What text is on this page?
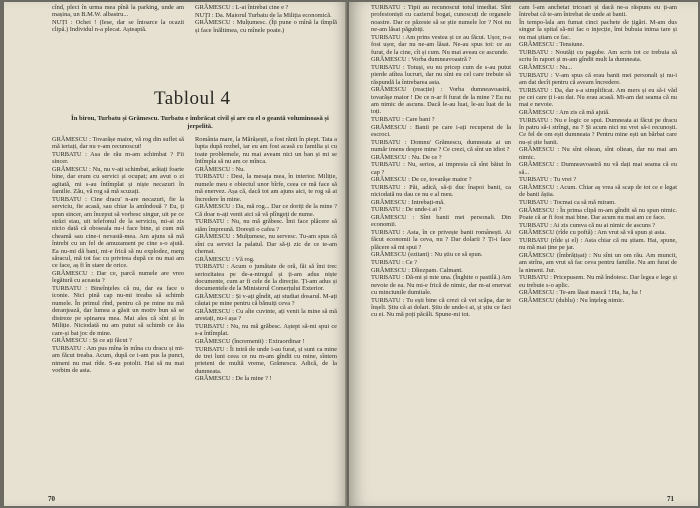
cînd, pleci în urma mea pînă la parking, unde am mașina, un B.M.W. albastru...

NUȚI : Ochei ! (Iese, dar se întoarce la ocazii clipă.) Individul n-a plecat. Așteaptă.

GRĂMESCU : L-ai întrebat cine e ?

NUȚI : Da. Maiorul Turbatu de la Miliția economică.

GRĂMESCU : Mulțumesc. (Îți pune o mînă la tîmplă și face înăltimea, cu mînele poate.)

Tabloul 4
În birou, Turbatu și Grămescu. Turbatu e îmbrăcat civil și are cu el o geantă voluminoasă și jerpelită.

GRĂMESCU : Tovarășe maior, vă rog din suflet să mă iertați, dar nu v-am recunoscut!

TURBATU : Asa de rău m-am schimbat ? Fii sincer.

GRĂMESCU : Nu, nu v-ați schimbat, arătați foarte bine, dar eram cu servici și ocupat; am avut o zi agitată, mi s-au întîmplat și niște necazuri în familie. Zău, vă rog să mă scuzați.

TURBATU : Cine dracu' n-are necazuri, fie la serviciu, fie acasă, sau chiar la amîndouă ? Eu, ți spun sincer, am început să vorbesc singur, uit pe ce străzi stau, uit telefonul de la serviciu, mi-ai zis nicio dată că oboseala nu-i face bine, și cum mă cheamă sau cine-i nevastă-mea. Am ajuns să mă întrebi cu un fel de amuzament pe cine s-o ajută. Ea nu-mi dă bani, mi-e frică să nu explodez, merg săracul, mă tot fac cu privirea după ce nu mai am ce face, aș fi în stare de orice.

GRĂMESCU : Dar ce, parcă numele are vreo legătură cu aceasta ?

TURBATU : Bineînțeles că nu, dar ea face o iconie. Nici pină cap nu-mi treaba să schimb numele. În primul rînd, pentru că pe mine nu mă deranjează, dar lumea a găsit un motiv bun să se distreze pe spinarea mea. Mai ales că sînt și în Miliție. Niciodată nu am putut să schimb ce ăia care-și bat joc de mine.

GRĂMESCU : Și ce ați făcut ?

TURBATU : Am pus mîna în mîna cu dracu și mi-am făcut treaba. Acum, după ce i-am pus la punct, nimeni nu mai rîde. S-au potolit. Hai să nu mai vorbim de asta.

România mare, la Mărășești, a fost rănit în piept. Tata a lupta după rezbel, iar eu am fost acasă cu familia și cu toate problemele, nu mai aveam nici un ban și mi se întîmpla să nu am ce mînca.

GRĂMESCU : Nu.

TURBATU : Desi, la mesaja mea, în interior. Miliție, numele meu e obiectul unor bîrfe, ceea ce mă face să mă enervez. Așa că, dacă tot am ajuns aici, te rog să ai încredere în mine.

GRĂMESCU : Da, mă rog... Dar ce doriți de la mine ? Că doar n-ați venit aici să vă plîngeți de nume.

TURBATU : Nu, nu mă grăbesc. Îmi face plăcere să stăm împreună. Dorești o cafea ?

GRĂMESCU : Mulțumesc, nu servesc. Tu-am spus că sînt cu servici la palatul. Dar să-ți zic de ce te-am chemat.

GRĂMESCU : Vă rog.

TURBATU : Acum o jumătate de oră, făi să îmi trec seriozitatea pe de-a-ntregul și ți-am adus niște documente, cum ar fi cele de la direcție. Ți-am adus și documentele de la Ministerul Comerțului Exterior.

GRĂMESCU : Și v-ați gîndit, ați studiat dosarul. M-ați căutat pe mine pentru că bănuiți ceva ?

GRĂMESCU : Cu alte cuvinte, ați venit la mine să mă arestați, nu-i așa ?

TURBATU : Nu, nu mă grăbesc. Aștept să-mi spui ce s-a întîmplat.

GRĂMESCU (încremenit) : Extraordinar !

TURBATU : Îi intră de unde i-au furat, și sunt ca mine de trei luni ceea ce nu m-am gîndit cu mine, sîntem prieteni de multă vreme, Grămescu. Adică, de la dumneata.

GRĂMESCU : De la mine ? !

70

TURBATU : Tipii au recunoscut totul imediat. Sînt profesioniști cu cazierul bogat, cunoscuți de organele noastre. Dar ce păzeste să se știe numele lor ? Noi nu ne-am lăsat păgubiți.

TURBATU : Am prins vestea și ce au făcut. Ușor, n-a fost ușor, dar nu ne-am lăsat. Ne-au spus tot: ce au furat, de la cine, cît și cum. Nu mai aveau ce ascunde.

GRĂMESCU : Vorba dumneavoastră ?

TURBATU : Totuși, eu nu pricep cum de s-au putut pierde atîtea lucruri, dar nu sînt eu cel care trebuie să răspundă la întrebarea asta.

GRĂMESCU (reacție) : Vorba dumneavoastră, tovarășe maior ! De ce n-ar fi furat de la mine ? Eu nu am nimic de ascuns. Dacă le-au luat, le-au luat de la toți.

TURBATU : Care bani ?

GRĂMESCU : Banii pe care i-ați recuperat de la escroci.

TURBATU : Domnu' Grămescu, dumneata ai un număr imens despre mine ? Ce crezi, că sînt un idiot ?

GRĂMESCU : Nu. De ce ?

TURBATU : Nu, serios, ai impresia că sînt bătut în cap ?

GRĂMESCU : De ce, tovarășe maior ?

TURBATU : Păi, adică, să-ți duc înapoi banii, ca niciodată nu dau ce nu e al meu.

GRĂMESCU : Intrebați-mă.

TURBATU : De unde-i ai ?

GRĂMESCU : Sînt banii mei personali. Din economii.

TURBATU : Asta, în ce privește banii românești. Ai făcut economii la ceva, nu ? Dar dolarii ? Ți-i face plăcere să mi spui ?

GRĂMESCU (ezitant) : Nu știu ce să spun.

TURBATU : Ce ?

GRĂMESCU : Dîiezpam. Calmant.

TURBATU : Dă-mi și mie una. (Înghite o pastilă.) Am nevoie de ea. Nu mi-e frică de nimic, dar m-ai enervat cu minciunile dumitale.

TURBATU : Tu ești bine că crezi că vei scăpa, dar te înșeli. Știu că ai dolari. Știu de unde-i ai, și știu ce faci cu ei. Nu mă poți păcăli. Spune-mi tot.

cam l-am anchetat tricoari și dacă ne-a răspuns eu ți-am întrebat că te-am întrebat de unde ai banii.

În tempo-lala am fumat cinci pachete de țigări. M-am dus singur la spital să-mi fac o injecție, îmi bubuia inima tare și nu mai știam ce fac.

GRĂMESCU : Tensiune.

TURBATU : Noutăți cu pagube. Am scris tot ce trebuia să scriu în raport și m-am gîndit mult la dumneata.

GRĂMESCU : Nu...

TURBATU : V-am spus că erau banii mei personali și nu-i am dat decît pentru că aveam încredere.

TURBATU : Da, dar s-a simplificat. Am mers și eu să-i văd pe cei care ți i-au dat. Nu erau acasă. Mi-am dat seama că nu mai e nevoie.

GRĂMESCU : Am zis că mă ajută.

TURBATU : Nu e logic ce spui. Dumneata ai făcut pe dracu în patru să-i strîngi, nu ? Și acum nici nu vrei să-i recunoști. Ce fel de om ești dumneata ? Pentru mine ești un bărbat care nu-și știe banii.

GRĂMESCU : Nu sînt oltean, sînt oltean, dar nu mai am nimic.

GRĂMESCU : Dumneavoastră nu vă dați mai seama că eu să...

TURBATU : Tu vrei ?

GRĂMESCU : Acum. Chiar aș vrea să scap de tot ce e legat de banii ăștia.

TURBATU : Tocmai ca să mă miram.

GRĂMESCU : În prima clipă m-am gîndit să nu spun nimic. Poate că ar fi fost mai bine. Dar acum nu mai am ce face.

TURBATU : Ai zis cumva că nu ai nimic de ascuns ?

GRĂMESCU (rîde cu poftă) : Am vrut să vă spun și asta.

TURBATU (rîde și el) : Asta chiar că nu știam. Hai, spune, nu mă mai ține pe jar.

GRĂMESCU (îmbrățișat) : Nu sînt un om rău. Am muncit, am strîns, am vrut să fac ceva pentru familie. Nu am furat de la nimeni. Jur.

TURBATU : Pricepusem. Nu mă îndoiesc. Dar legea e lege și eu trebuie s-o aplic.

GRĂMESCU : Te-am lăsat mască ! Ha, ha, ha !

GRĂMESCU (dublu) : Nu înțeleg nimic.

71
